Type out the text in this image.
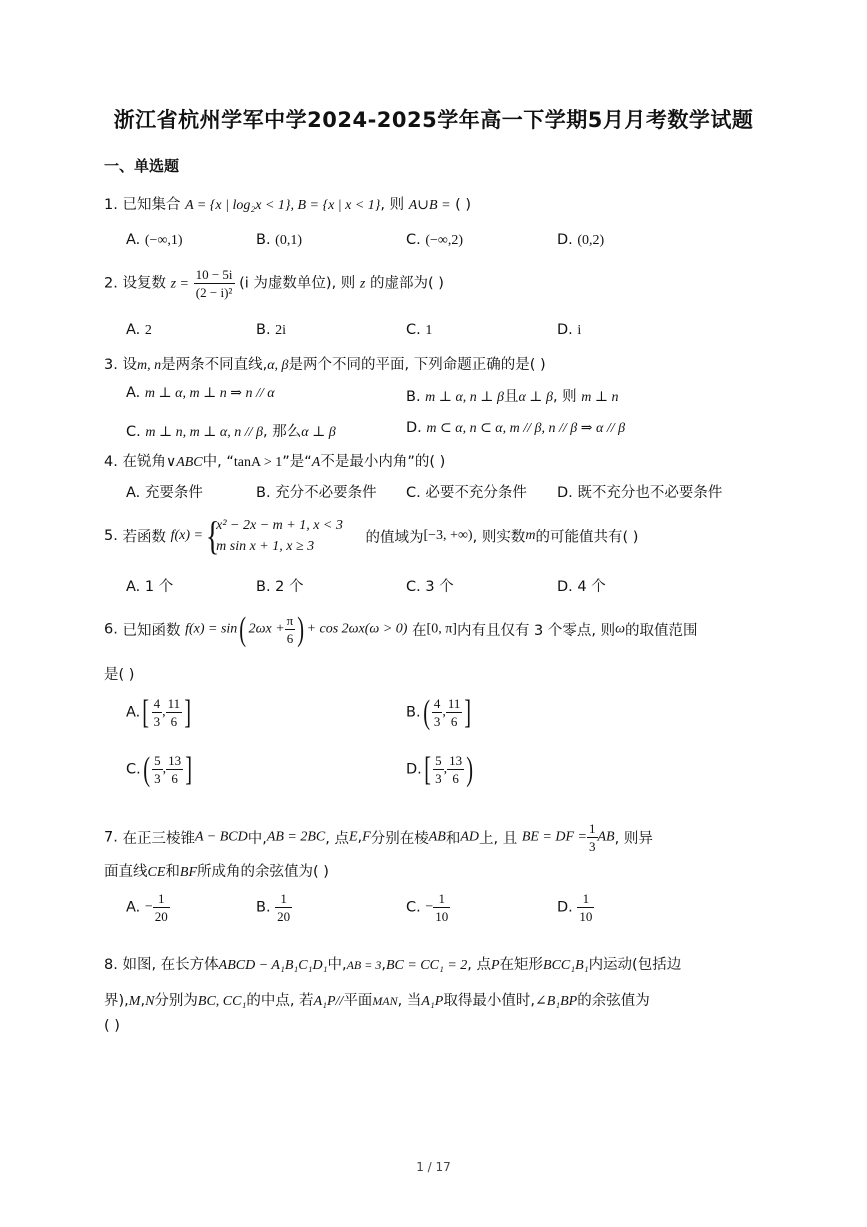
浙江省杭州学军中学2024-2025学年高一下学期5月月考数学试题
一、单选题
1. 已知集合 A = {x | log₂x < 1}, B = {x | x < 1}, 则 A∪B = ( )
A. (−∞,1)	B. (0,1)	C. (−∞,2)	D. (0,2)
2. 设复数 $z = \frac{10 - 5i}{\text{(2 − i)²}} (i$ 为虚数单位), 则 z 的虚部为( )
A. 2	B. 2i	C. 1	D. i
3. 设m, n是两条不同直线,α, β是两个不同的平面, 下列命题正确的是( )
A. m ⊥ α, m ⊥ n ⇒ n // α	B. m ⊥ α, n ⊥ β且α ⊥ β, 则 m ⊥ n
C. m ⊥ n, m ⊥ α, n // β, 那么α ⊥ β	D. m ⊂ α, n ⊂ α, m // β, n // β ⇒ α // β
4. 在锐角∨ABC中, “tanA > 1”是“A不是最小内角”的( )
A. 充要条件	B. 充分不必要条件 C. 必要不充分条件 D. 既不充分也不必要条件
5. 若函数 f(x) ={
x² − 2x − m + 1, x < 3
m sin x + 1, x ≥ 3
的值域为[−3, +∞), 则实数m的可能值共有( )
A. 1 个	B. 2 个	C. 3 个	D. 4 个
6. 已知函数 f(x) = sin( $2\omega x + \frac{\pi}{6}$ ) + cos 2ωx(ω > 0) 在[0, π]内有且仅有 3 个零点, 则ω的取值范围
是( )
$A.[ \frac{4}{3}$ , $\frac{11}{6}$ ]	$B.( \frac{4}{3}$ , $\frac{11}{6}$ ]
$C.( \frac{5}{3}$ , $\frac{13}{6}$ ]	$D.[ \frac{5}{3}$ , $\frac{13}{6}$ )
7. 在正三棱锥A − BCD中,AB = 2BC, 点E,F分别在棱AB和AD上, 且 BE = DF = $\frac{1}{3}$ AB, 则异
面直线CE和BF所成角的余弦值为( )
A. − $\frac{1}{20}$	B. $\frac{1}{20}$	C. − $\frac{1}{10}$	D. $\frac{1}{10}$
8. 如图, 在长方体ABCD − A₁B₁C₁D₁中,AB = 3,BC = CC₁ = 2, 点P在矩形BCC₁B₁内运动(包括边
界),M,N分别为BC, CC₁的中点, 若A₁P//平面MAN, 当A₁P取得最小值时,∠B₁BP的余弦值为
( )
1 / 17
